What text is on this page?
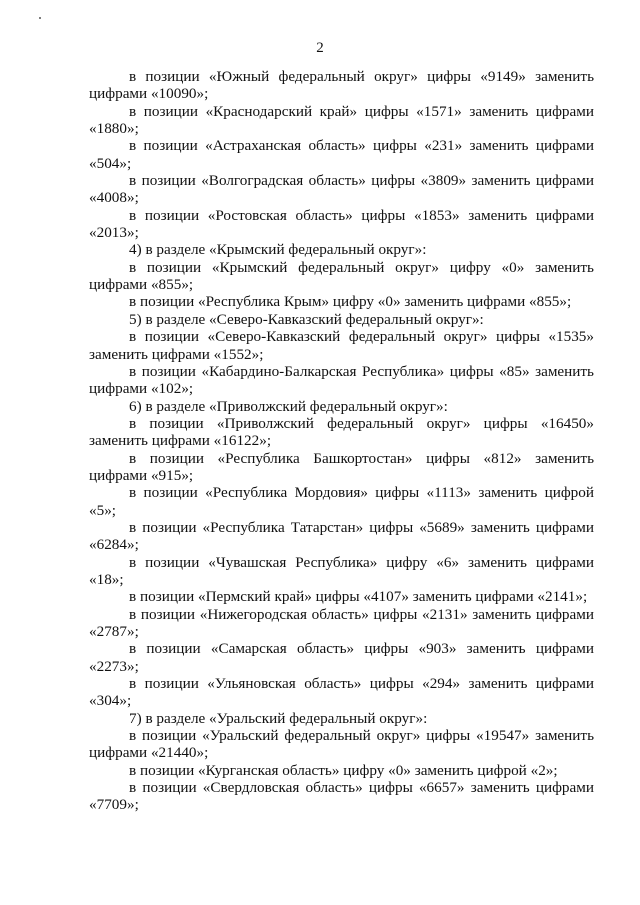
2

в позиции «Южный федеральный округ» цифры «9149» заменить цифрами «10090»;

в позиции «Краснодарский край» цифры «1571» заменить цифрами «1880»;

в позиции «Астраханская область» цифры «231» заменить цифрами «504»;

в позиции «Волгоградская область» цифры «3809» заменить цифрами «4008»;

в позиции «Ростовская область» цифры «1853» заменить цифрами «2013»;

4) в разделе «Крымский федеральный округ»:

в позиции «Крымский федеральный округ» цифру «0» заменить цифрами «855»;

в позиции «Республика Крым» цифру «0» заменить цифрами «855»;

5) в разделе «Северо-Кавказский федеральный округ»:

в позиции «Северо-Кавказский федеральный округ» цифры «1535» заменить цифрами «1552»;

в позиции «Кабардино-Балкарская Республика» цифры «85» заменить цифрами «102»;

6) в разделе «Приволжский федеральный округ»:

в позиции «Приволжский федеральный округ» цифры «16450» заменить цифрами «16122»;

в позиции «Республика Башкортостан» цифры «812» заменить цифрами «915»;

в позиции «Республика Мордовия» цифры «1113» заменить цифрой «5»;

в позиции «Республика Татарстан» цифры «5689» заменить цифрами «6284»;

в позиции «Чувашская Республика» цифру «6» заменить цифрами «18»;

в позиции «Пермский край» цифры «4107» заменить цифрами «2141»;

в позиции «Нижегородская область» цифры «2131» заменить цифрами «2787»;

в позиции «Самарская область» цифры «903» заменить цифрами «2273»;

в позиции «Ульяновская область» цифры «294» заменить цифрами «304»;

7) в разделе «Уральский федеральный округ»:

в позиции «Уральский федеральный округ» цифры «19547» заменить цифрами «21440»;

в позиции «Курганская область» цифру «0» заменить цифрой «2»;

в позиции «Свердловская область» цифры «6657» заменить цифрами «7709»;
